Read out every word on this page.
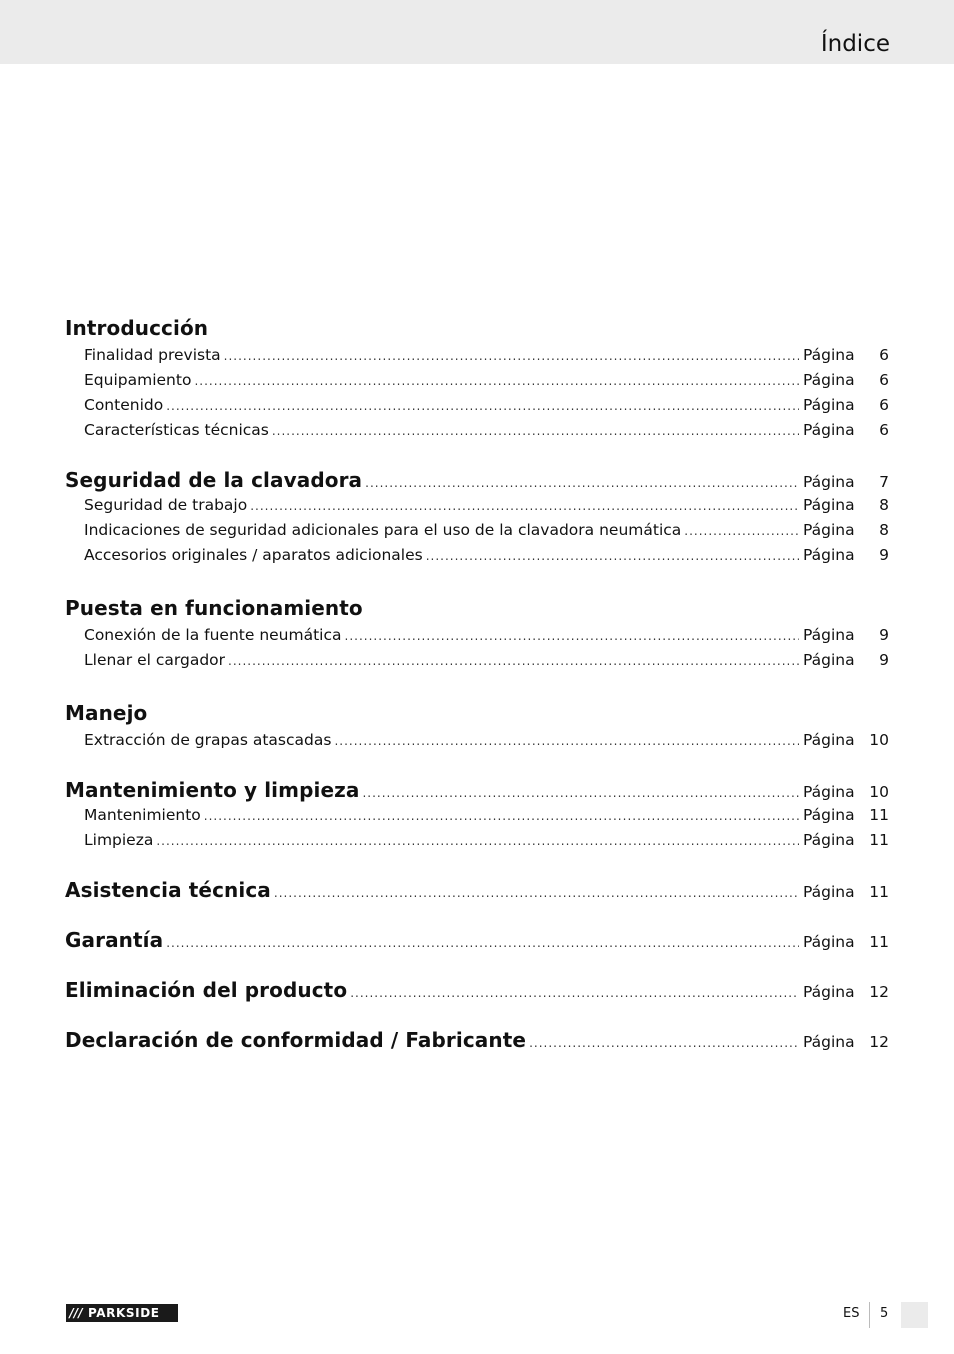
Índice
Introducción
Finalidad prevista .....	Página 6
Equipamiento .....	Página 6
Contenido .....	Página 6
Características técnicas .....	Página 6
Seguridad de la clavadora .....	Página 7
Seguridad de trabajo .....	Página 8
Indicaciones de seguridad adicionales para el uso de la clavadora neumática .....	Página 8
Accesorios originales / aparatos adicionales .....	Página 9
Puesta en funcionamiento
Conexión de la fuente neumática .....	Página 9
Llenar el cargador .....	Página 9
Manejo
Extracción de grapas atascadas .....	Página 10
Mantenimiento y limpieza .....	Página 10
Mantenimiento .....	Página 11
Limpieza .....	Página 11
Asistencia técnica .....	Página 11
Garantía .....	Página 11
Eliminación del producto .....	Página 12
Declaración de conformidad / Fabricante .....	Página 12
/// PARKSIDE	ES 5
